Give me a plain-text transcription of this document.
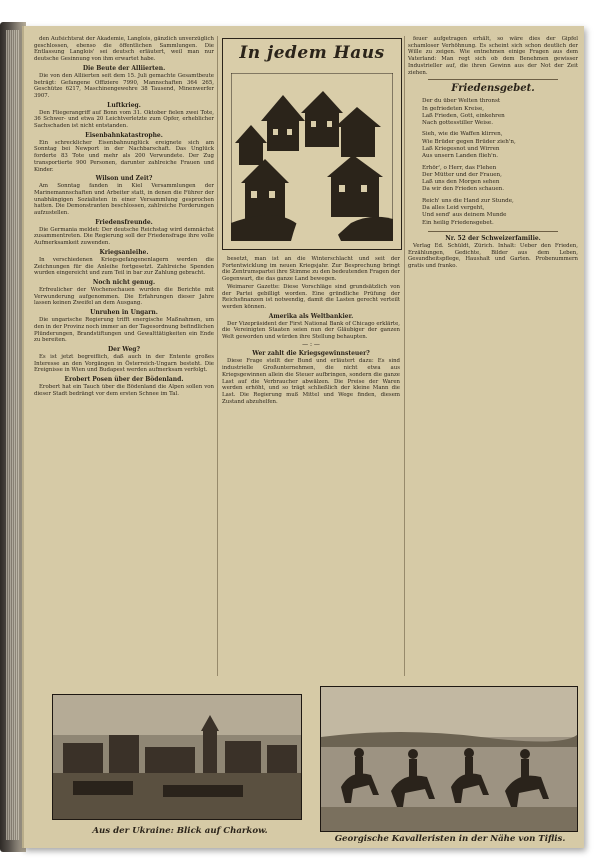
den Aufsichtsrat der Akademie, Langlois, gänzlich unverzüglich geschlossen, ebenso die öffentlichen Sammlungen. Die Entlassung Langlois' sei deutsch erläutert, weil man nur deutsche Gesinnung von ihm erwartet habe.

Die Beute der Alliierten.

Die von den Alliierten seit dem 15. Juli gemachte Gesamtbeute beträgt: Gefangene Offiziere 7990, Mannschaften 364 265, Geschütze 6217, Maschinengewehre 38 Tausend, Minenwerfer 3907.

Luftkrieg.

Den Fliegerangriff auf Bonn vom 31. Oktober fielen zwei Tote, 36 Schwer- und etwa 20 Leichtverletzte zum Opfer, erheblicher Sachschaden ist nicht entstanden.

Eisenbahnkatastrophe.

Ein schrecklicher Eisenbahnunglück ereignete sich am Sonntag bei Newport in der Nachbarschaft. Das Unglück forderte 83 Tote und mehr als 200 Verwundete. Der Zug transportierte 900 Personen, darunter zahlreiche Frauen und Kinder.

Wilson und Zeit?

Am Sonntag fanden in Kiel Versammlungen der Marinemannschaften und Arbeiter statt, in denen die Führer der unabhängigen Sozialisten in einer Versammlung gesprochen hatten. Die Demonstranten beschlossen, zahlreiche Forderungen aufzustellen.

Friedensfreunde.

Die Germania meldet: Der deutsche Reichstag wird demnächst zusammentreten. Die Regierung soll der Friedensfrage ihre volle Aufmerksamkeit zuwenden.

Kriegsanleihe.

In verschiedenen Kriegsgefangenenlagern werden die Zeichnungen für die Anleihe fortgesetzt. Zahlreiche Spenden wurden eingereicht und zum Teil in bar zur Zahlung gebracht.

Noch nicht genug.

Erfreulicher der Wochenschauen wurden die Berichte mit Verwunderung aufgenommen. Die Erfahrungen dieser Jahre lassen keinen Zweifel an dem Ausgang.

Unruhen in Ungarn.

Die ungarische Regierung trifft energische Maßnahmen, um den in der Provinz noch immer an der Tagesordnung befindlichen Plünderungen, Brandstiftungen und Gewalttätigkeiten ein Ende zu bereiten.

Der Weg?

Es ist jetzt begreiflich, daß auch in der Entente großes Interesse an den Vorgängen in Österreich-Ungarn besteht. Die Ereignisse in Wien und Budapest werden aufmerksam verfolgt.

Erobert Posen über der Bödenland.

Erobert hat ein Tauch über die Bödenland die Alpen sollen von dieser Stadt bedrängt vor dem ersten Schnee im Tal.

In jedem Haus

besetzt, man ist an die Winterschlacht und seit der Fortentwicklung im neuen Kriegsjahr. Zur Besprechung bringt die Zentrumspartei ihre Stimme zu den bedeutenden Fragen der Gegenwart, die das ganze Land bewegen.

Weimarer Gazette: Diese Vorschläge sind grundsätzlich von der Partei gebilligt worden. Eine gründliche Prüfung der Reichsfinanzen ist notwendig, damit die Lasten gerecht verteilt werden können.

Amerika als Weltbankier.

Der Vizepräsident der First National Bank of Chicago erklärte, die Vereinigten Staaten seien nun der Gläubiger der ganzen Welt geworden und würden ihre Stellung behaupten.

— : —
Wer zahlt die Kriegsgewinnsteuer?

Diese Frage stellt der Bund und erläutert dazu: Es sind industrielle Großunternehmen, die nicht etwa aus Kriegsgewinnen allein die Steuer aufbringen, sondern die ganze Last auf die Verbraucher abwälzen. Die Preise der Waren werden erhöht, und so trägt schließlich der kleine Mann die Last. Die Regierung muß Mittel und Wege finden, diesem Zustand abzuhelfen.

feuer aufgetragen erhält, so wäre dies der Gipfel schamloser Verhöhnung. Es scheint sich schon deutlich der Wille zu zeigen. Wie entnehmen einige Fragen aus dem Vaterland: Man regt sich ob dem Benehmen gewisser Industrieller auf, die ihren Gewinn aus der Not der Zeit ziehen.

Friedensgebet.
Der du über Welten thronst
In gefriedeten Kreise,
Laß Frieden, Gott, einkehren
Nach gottesstiller Weise.
Sieh, wie die Waffen klirren,
Wie Brüder gegen Brüder zieh'n,
Laß Kriegesnot und Wirren
Aus unsern Landen flieh'n.
Erhör', o Herr, das Flehen
Der Mütter und der Frauen,
Laß uns den Morgen sehen
Da wir den Frieden schauen.
Reich' uns die Hand zur Stunde,
Da alles Leid vergeht,
Und send' aus deinem Munde
Ein heilig Friedensgebet.
Nr. 52 der Schweizerfamilie.

Verlag Ed. Schüldt, Zürich. Inhalt: Ueber den Frieden, Erzählungen, Gedichte, Bilder aus dem Leben, Gesundheitspflege, Haushalt und Garten. Probenummern gratis und franko.

Aus der Ukraine: Blick auf Charkow.
Georgische Kavalleristen in der Nähe von Tiflis.
